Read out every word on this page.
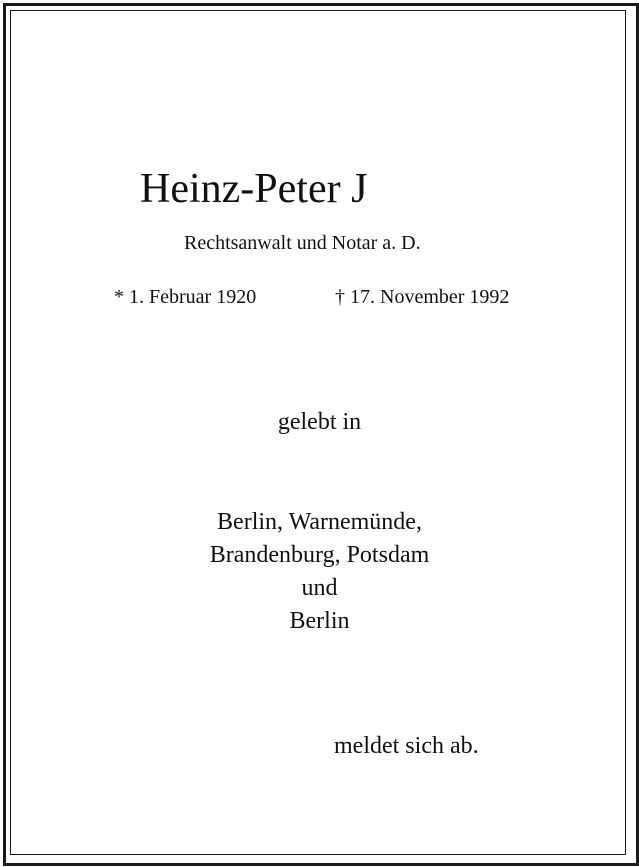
Heinz-Peter J
Rechtsanwalt und Notar a. D.
* 1. Februar 1920	† 17. November 1992
gelebt in
Berlin, Warnemünde,
Brandenburg, Potsdam
und
Berlin
meldet sich ab.
